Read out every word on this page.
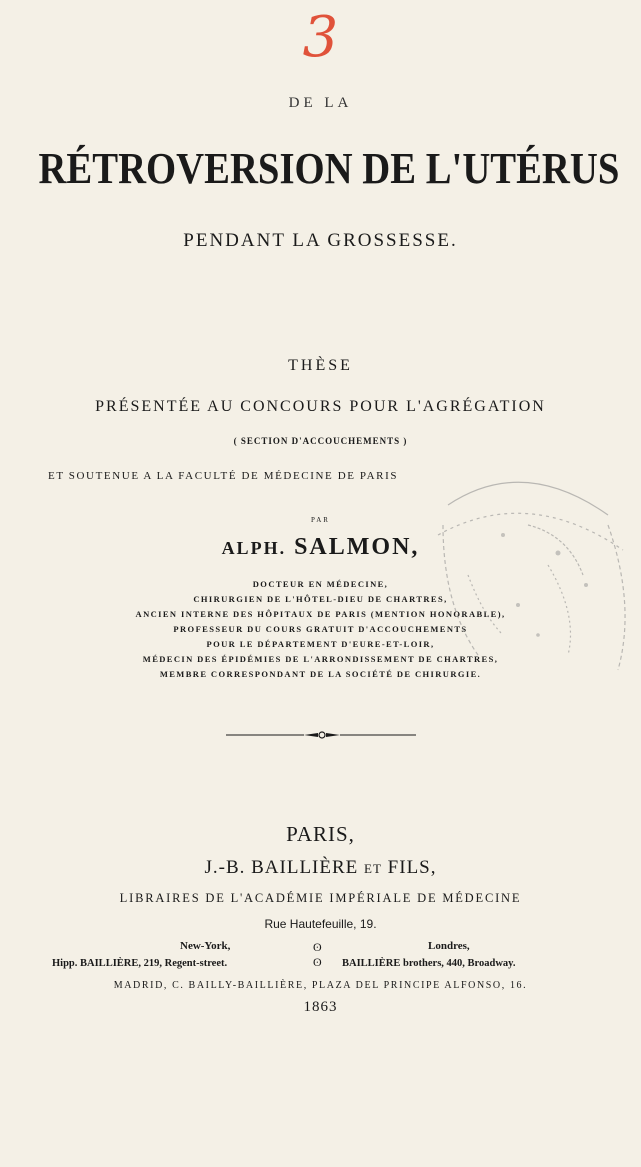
3
DE LA
RÉTROVERSION DE L'UTÉRUS
PENDANT LA GROSSESSE.
THÈSE
PRÉSENTÉE AU CONCOURS POUR L'AGRÉGATION
( SECTION D'ACCOUCHEMENTS )
ET SOUTENUE A LA FACULTÉ DE MÉDECINE DE PARIS
PAR
ALPH. SALMON,
DOCTEUR EN MÉDECINE,
CHIRURGIEN DE L'HÔTEL-DIEU DE CHARTRES,
ANCIEN INTERNE DES HÔPITAUX DE PARIS (MENTION HONORABLE),
PROFESSEUR DU COURS GRATUIT D'ACCOUCHEMENTS
POUR LE DÉPARTEMENT D'EURE-ET-LOIR,
MÉDECIN DES ÉPIDÉMIES DE L'ARRONDISSEMENT DE CHARTRES,
MEMBRE CORRESPONDANT DE LA SOCIÉTÉ DE CHIRURGIE.
PARIS,
J.-B. BAILLIÈRE ET FILS,
LIBRAIRES DE L'ACADÉMIE IMPÉRIALE DE MÉDECINE
Rue Hautefeuille, 19.
New-York,	Londres,
ʘ
ʘ
Hipp. BAILLIÈRE, 219, Regent-street.	BAILLIÈRE brothers, 440, Broadway.
MADRID, C. BAILLY-BAILLIÈRE, PLAZA DEL PRINCIPE ALFONSO, 16.
1863
